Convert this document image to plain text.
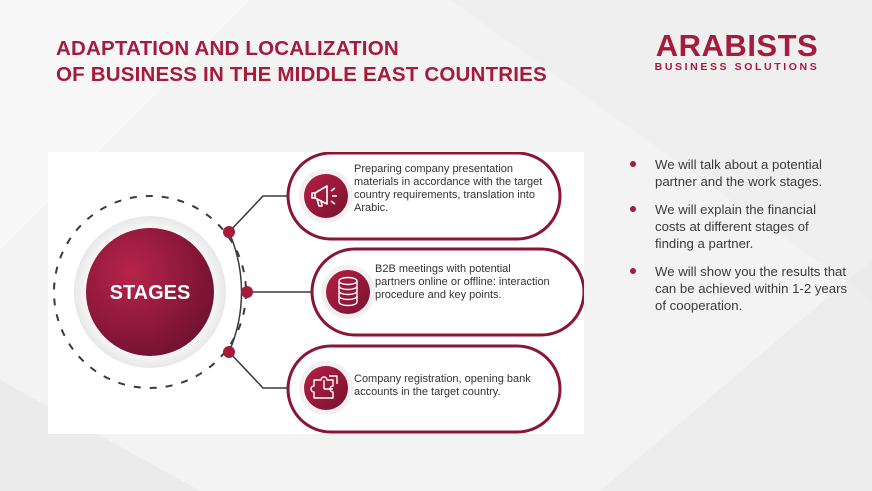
ADAPTATION AND LOCALIZATION
OF BUSINESS IN THE MIDDLE EAST COUNTRIES
ARABISTS
BUSINESS SOLUTIONS
STAGES
Preparing company presentation materials in accordance with the target country requirements, translation into Arabic.
B2B meetings with potential partners online or offline: interaction procedure and key points.
Company registration, opening bank accounts in the target country.
We will talk about a potential partner and the work stages.
We will explain the financial costs at different stages of finding a partner.
We will show you the results that can be achieved within 1-2 years of cooperation.
